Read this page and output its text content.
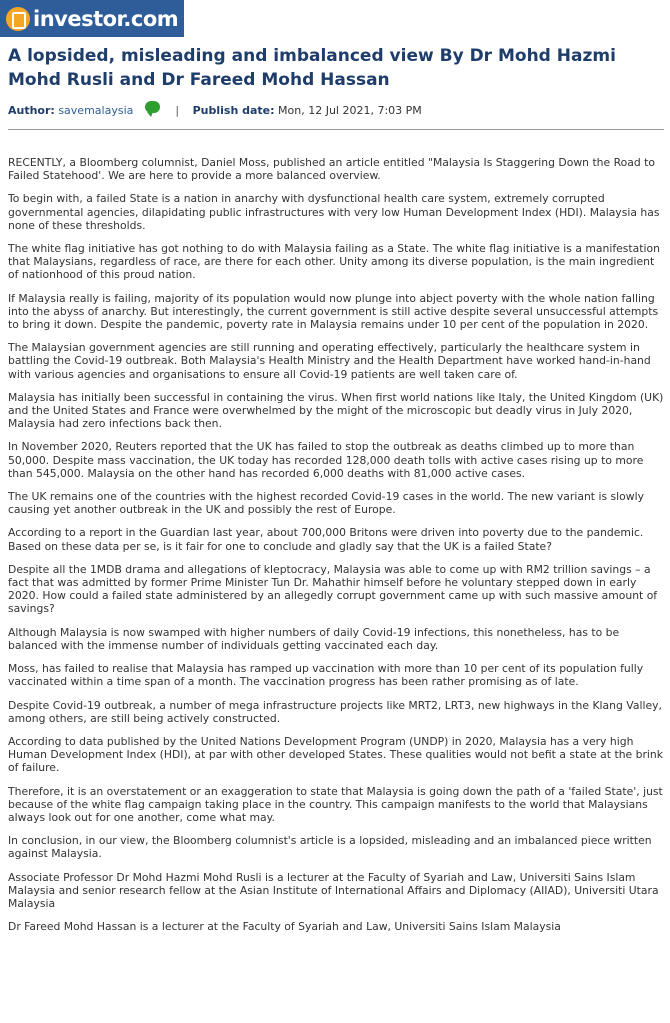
investor.com
A lopsided, misleading and imbalanced view By Dr Mohd Hazmi Mohd Rusli and Dr Fareed Mohd Hassan
Author: savemalaysia	| Publish date: Mon, 12 Jul 2021, 7:03 PM

RECENTLY, a Bloomberg columnist, Daniel Moss, published an article entitled "Malaysia Is Staggering Down the Road to Failed Statehood'. We are here to provide a more balanced overview.

To begin with, a failed State is a nation in anarchy with dysfunctional health care system, extremely corrupted governmental agencies, dilapidating public infrastructures with very low Human Development Index (HDI). Malaysia has none of these thresholds.

The white flag initiative has got nothing to do with Malaysia failing as a State. The white flag initiative is a manifestation that Malaysians, regardless of race, are there for each other. Unity among its diverse population, is the main ingredient of nationhood of this proud nation.

If Malaysia really is failing, majority of its population would now plunge into abject poverty with the whole nation falling into the abyss of anarchy. But interestingly, the current government is still active despite several unsuccessful attempts to bring it down. Despite the pandemic, poverty rate in Malaysia remains under 10 per cent of the population in 2020.

The Malaysian government agencies are still running and operating effectively, particularly the healthcare system in battling the Covid-19 outbreak. Both Malaysia's Health Ministry and the Health Department have worked hand-in-hand with various agencies and organisations to ensure all Covid-19 patients are well taken care of.

Malaysia has initially been successful in containing the virus. When first world nations like Italy, the United Kingdom (UK) and the United States and France were overwhelmed by the might of the microscopic but deadly virus in July 2020, Malaysia had zero infections back then.

In November 2020, Reuters reported that the UK has failed to stop the outbreak as deaths climbed up to more than 50,000. Despite mass vaccination, the UK today has recorded 128,000 death tolls with active cases rising up to more than 545,000. Malaysia on the other hand has recorded 6,000 deaths with 81,000 active cases.

The UK remains one of the countries with the highest recorded Covid-19 cases in the world. The new variant is slowly causing yet another outbreak in the UK and possibly the rest of Europe.

According to a report in the Guardian last year, about 700,000 Britons were driven into poverty due to the pandemic. Based on these data per se, is it fair for one to conclude and gladly say that the UK is a failed State?

Despite all the 1MDB drama and allegations of kleptocracy, Malaysia was able to come up with RM2 trillion savings – a fact that was admitted by former Prime Minister Tun Dr. Mahathir himself before he voluntary stepped down in early 2020. How could a failed state administered by an allegedly corrupt government came up with such massive amount of savings?

Although Malaysia is now swamped with higher numbers of daily Covid-19 infections, this nonetheless, has to be balanced with the immense number of individuals getting vaccinated each day.

Moss, has failed to realise that Malaysia has ramped up vaccination with more than 10 per cent of its population fully vaccinated within a time span of a month. The vaccination progress has been rather promising as of late.

Despite Covid-19 outbreak, a number of mega infrastructure projects like MRT2, LRT3, new highways in the Klang Valley, among others, are still being actively constructed.

According to data published by the United Nations Development Program (UNDP) in 2020, Malaysia has a very high Human Development Index (HDI), at par with other developed States. These qualities would not befit a state at the brink of failure.

Therefore, it is an overstatement or an exaggeration to state that Malaysia is going down the path of a 'failed State', just because of the white flag campaign taking place in the country. This campaign manifests to the world that Malaysians always look out for one another, come what may.

In conclusion, in our view, the Bloomberg columnist's article is a lopsided, misleading and an imbalanced piece written against Malaysia.

Associate Professor Dr Mohd Hazmi Mohd Rusli is a lecturer at the Faculty of Syariah and Law, Universiti Sains Islam Malaysia and senior research fellow at the Asian Institute of International Affairs and Diplomacy (AIIAD), Universiti Utara Malaysia

Dr Fareed Mohd Hassan is a lecturer at the Faculty of Syariah and Law, Universiti Sains Islam Malaysia
